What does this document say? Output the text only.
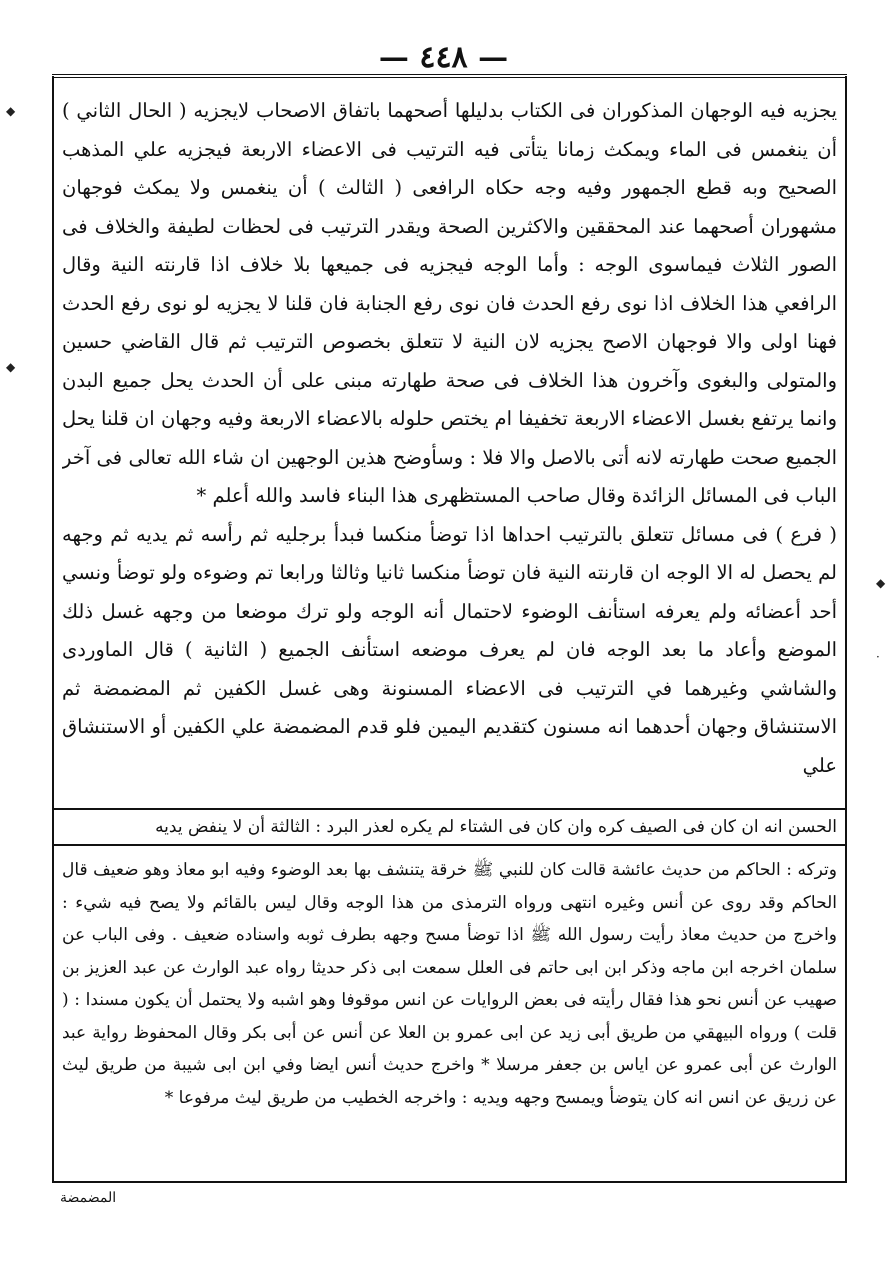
— ٤٤٨ —

يجزيه فيه الوجهان المذكوران فى الكتاب بدليلها أصحهما باتفاق الاصحاب لايجزيه ( الحال الثاني ) أن ينغمس فى الماء ويمكث زمانا يتأتى فيه الترتيب فى الاعضاء الاربعة فيجزيه علي المذهب الصحيح وبه قطع الجمهور وفيه وجه حكاه الرافعى ( الثالث ) أن ينغمس ولا يمكث فوجهان مشهوران أصحهما عند المحققين والاكثرين الصحة ويقدر الترتيب فى لحظات لطيفة والخلاف فى الصور الثلاث فيماسوى الوجه : وأما الوجه فيجزيه فى جميعها بلا خلاف اذا قارنته النية وقال الرافعي هذا الخلاف اذا نوى رفع الحدث فان نوى رفع الجنابة فان قلنا لا يجزيه لو نوى رفع الحدث فهنا اولى والا فوجهان الاصح يجزيه لان النية لا تتعلق بخصوص الترتيب ثم قال القاضي حسين والمتولى والبغوى وآخرون هذا الخلاف فى صحة طهارته مبنى على أن الحدث يحل جميع البدن وانما يرتفع بغسل الاعضاء الاربعة تخفيفا ام يختص حلوله بالاعضاء الاربعة وفيه وجهان ان قلنا يحل الجميع صحت طهارته لانه أتى بالاصل والا فلا : وسأوضح هذين الوجهين ان شاء الله تعالى فى آخر الباب فى المسائل الزائدة وقال صاحب المستظهرى هذا البناء فاسد والله أعلم *

( فرع ) فى مسائل تتعلق بالترتيب احداها اذا توضأ منكسا فبدأ برجليه ثم رأسه ثم يديه ثم وجهه لم يحصل له الا الوجه ان قارنته النية فان توضأ منكسا ثانيا وثالثا ورابعا تم وضوءه ولو توضأ ونسي أحد أعضائه ولم يعرفه استأنف الوضوء لاحتمال أنه الوجه ولو ترك موضعا من وجهه غسل ذلك الموضع وأعاد ما بعد الوجه فان لم يعرف موضعه استأنف الجميع ( الثانية ) قال الماوردى والشاشي وغيرهما في الترتيب فى الاعضاء المسنونة وهى غسل الكفين ثم المضمضة ثم الاستنشاق وجهان أحدهما انه مسنون كتقديم اليمين فلو قدم المضمضة علي الكفين أو الاستنشاق علي

الحسن انه ان كان فى الصيف كره وان كان فى الشتاء لم يكره لعذر البرد : الثالثة أن لا ينفض يديه

وتركه : الحاكم من حديث عائشة قالت كان للنبي ﷺ خرقة يتنشف بها بعد الوضوء وفيه ابو معاذ وهو ضعيف قال الحاكم وقد روى عن أنس وغيره انتهى ورواه الترمذى من هذا الوجه وقال ليس بالقائم ولا يصح فيه شيء : واخرج من حديث معاذ رأيت رسول الله ﷺ اذا توضأ مسح وجهه بطرف ثوبه واسناده ضعيف . وفى الباب عن سلمان اخرجه ابن ماجه وذكر ابن ابى حاتم فى العلل سمعت ابى ذكر حديثا رواه عبد الوارث عن عبد العزيز بن صهيب عن أنس نحو هذا فقال رأيته فى بعض الروايات عن انس موقوفا وهو اشبه ولا يحتمل أن يكون مسندا : ( قلت ) ورواه البيهقي من طريق أبى زيد عن ابى عمرو بن العلا عن أنس عن أبى بكر وقال المحفوظ رواية عبد الوارث عن أبى عمرو عن اياس بن جعفر مرسلا * واخرج حديث أنس ايضا وفي ابن ابى شيبة من طريق ليث عن زريق عن انس انه كان يتوضأ ويمسح وجهه ويديه : واخرجه الخطيب من طريق ليث مرفوعا *

المضمضة
◆
◆
◆
·
